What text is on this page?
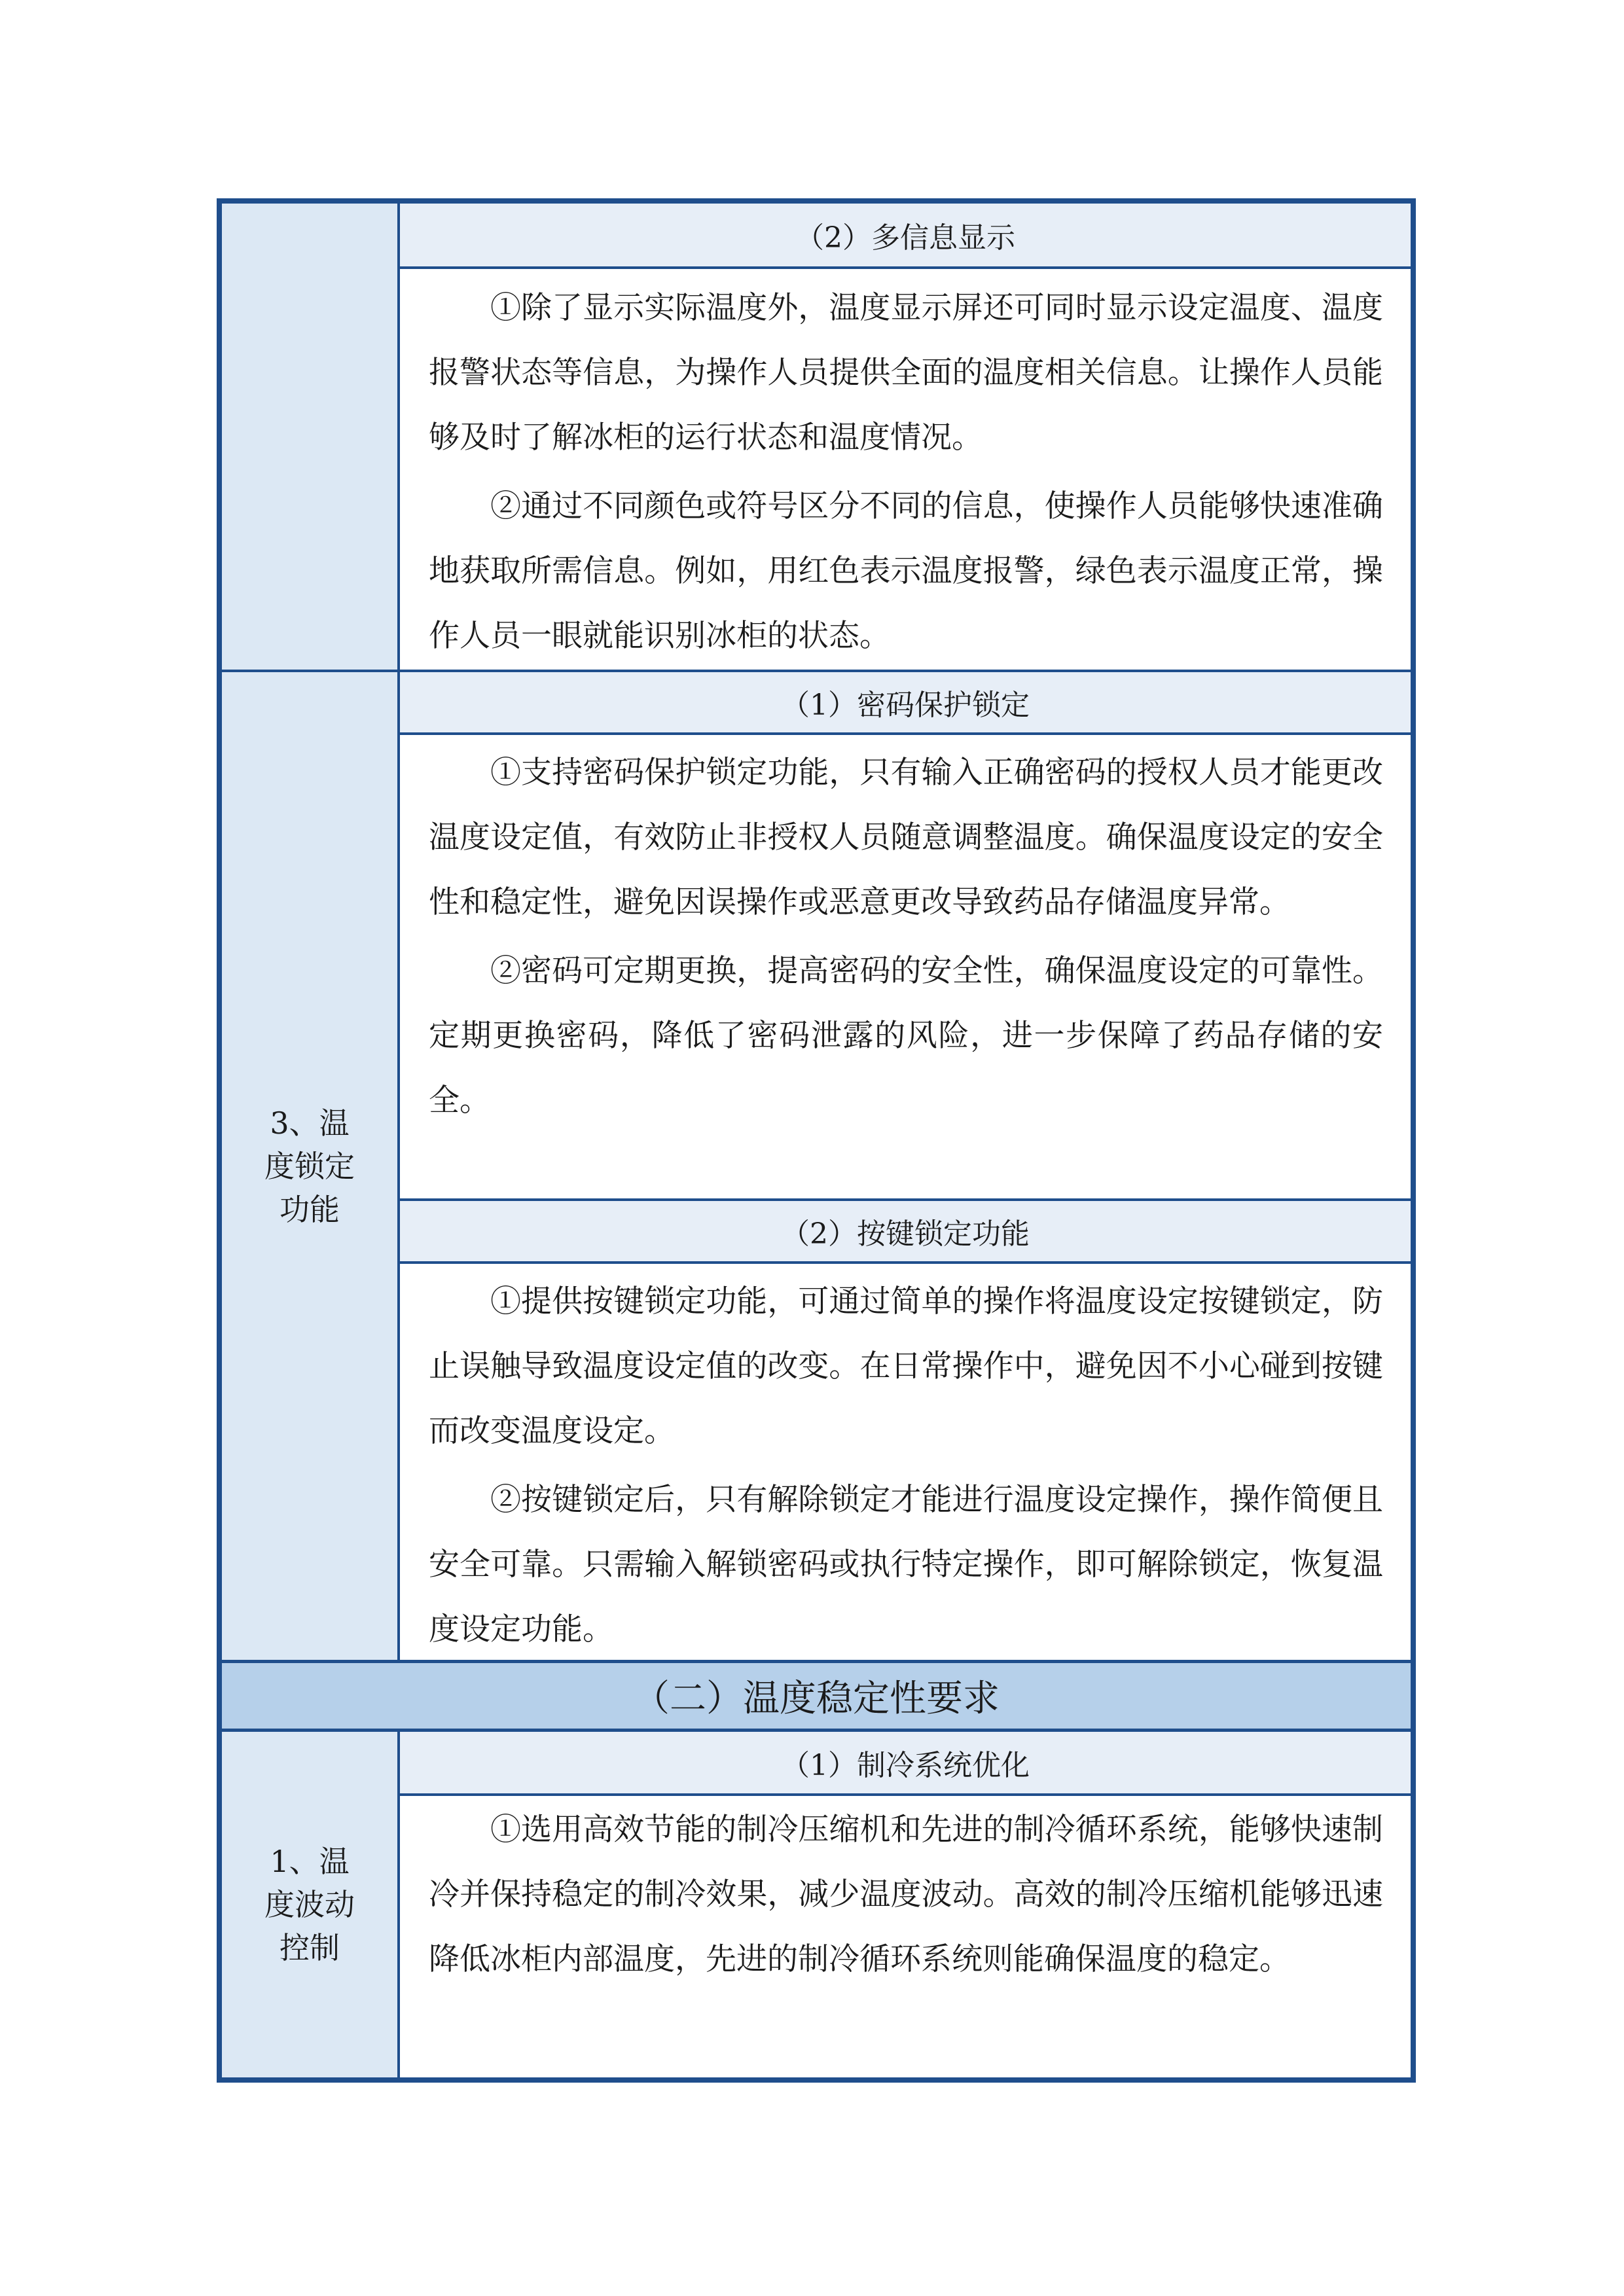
（2）多信息显示

①除了显示实际温度外，温度显示屏还可同时显示设定温度、温度报警状态等信息，为操作人员提供全面的温度相关信息。让操作人员能够及时了解冰柜的运行状态和温度情况。

②通过不同颜色或符号区分不同的信息，使操作人员能够快速准确地获取所需信息。例如，用红色表示温度报警，绿色表示温度正常，操作人员一眼就能识别冰柜的状态。

3、温度锁定功能
（1）密码保护锁定

①支持密码保护锁定功能，只有输入正确密码的授权人员才能更改温度设定值，有效防止非授权人员随意调整温度。确保温度设定的安全性和稳定性，避免因误操作或恶意更改导致药品存储温度异常。

②密码可定期更换，提高密码的安全性，确保温度设定的可靠性。定期更换密码，降低了密码泄露的风险，进一步保障了药品存储的安全。

（2）按键锁定功能

①提供按键锁定功能，可通过简单的操作将温度设定按键锁定，防止误触导致温度设定值的改变。在日常操作中，避免因不小心碰到按键而改变温度设定。

②按键锁定后，只有解除锁定才能进行温度设定操作，操作简便且安全可靠。只需输入解锁密码或执行特定操作，即可解除锁定，恢复温度设定功能。

（二）温度稳定性要求
1、温度波动控制
（1）制冷系统优化

①选用高效节能的制冷压缩机和先进的制冷循环系统，能够快速制冷并保持稳定的制冷效果，减少温度波动。高效的制冷压缩机能够迅速降低冰柜内部温度，先进的制冷循环系统则能确保温度的稳定。
